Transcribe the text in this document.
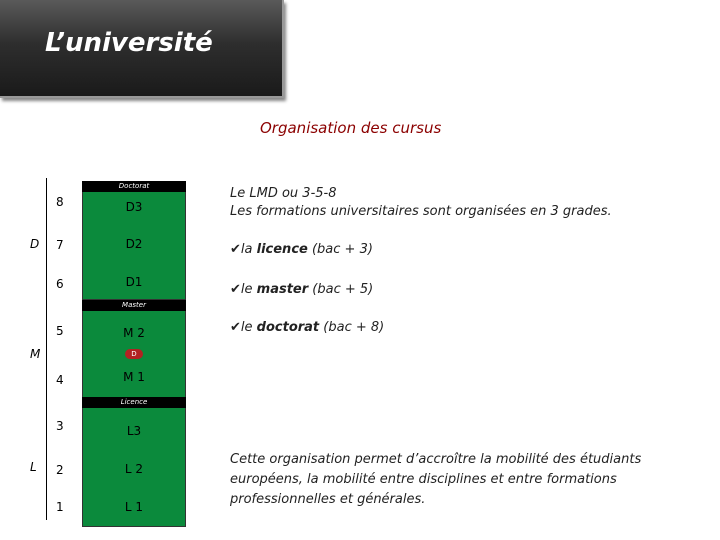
L’université
Organisation des cursus
Doctorat
Master
Licence
D
D
M
L
8
7
6
5
4
3
2
1
D3
D2
D1
M 2
M 1
L3
L 2
L 1
Le LMD ou 3-5-8
Les formations universitaires sont organisées en 3 grades.
✔la licence (bac + 3)
✔le master (bac + 5)
✔le doctorat (bac + 8)
Cette organisation permet d’accroître la mobilité des étudiants européens, la mobilité entre disciplines et entre formations professionnelles et générales.
